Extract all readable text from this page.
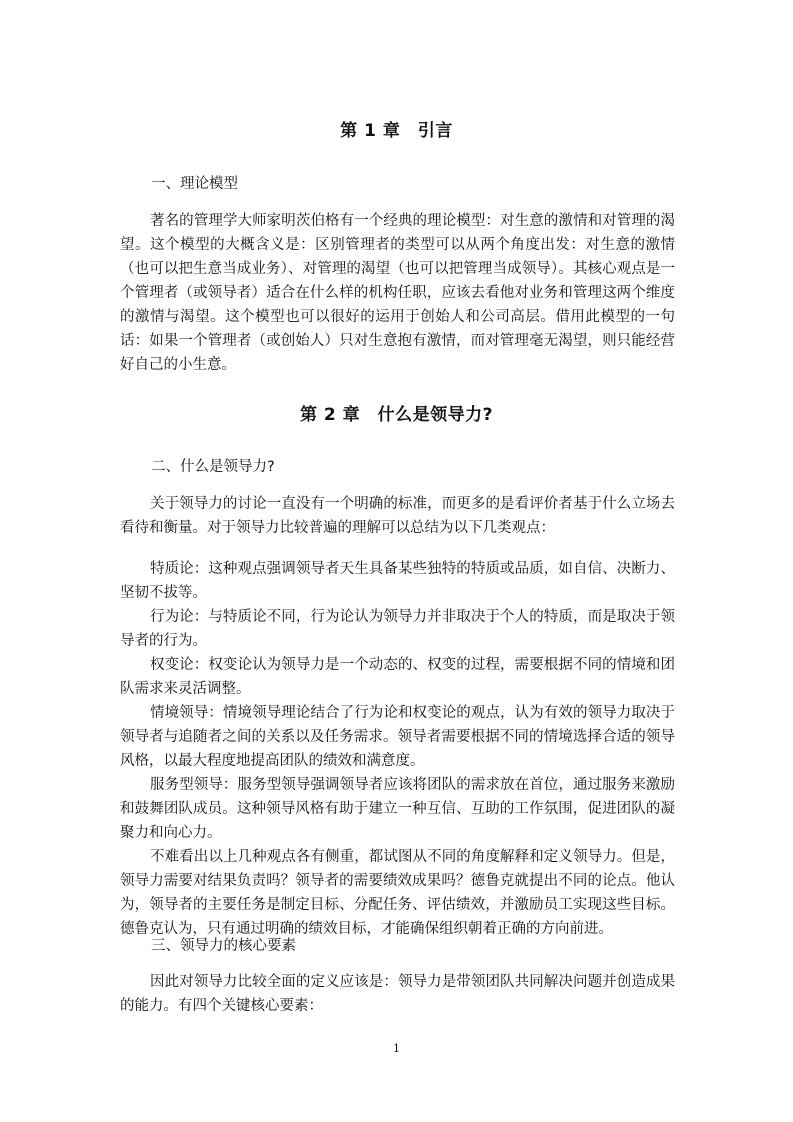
第 1 章　引言
一、理论模型

著名的管理学大师家明茨伯格有一个经典的理论模型：对生意的激情和对管理的渴望。这个模型的大概含义是：区别管理者的类型可以从两个角度出发：对生意的激情（也可以把生意当成业务）、对管理的渴望（也可以把管理当成领导）。其核心观点是一个管理者（或领导者）适合在什么样的机构任职，应该去看他对业务和管理这两个维度的激情与渴望。这个模型也可以很好的运用于创始人和公司高层。借用此模型的一句话：如果一个管理者（或创始人）只对生意抱有激情，而对管理毫无渴望，则只能经营好自己的小生意。

第 2 章　什么是领导力?
二、什么是领导力?

关于领导力的讨论一直没有一个明确的标准，而更多的是看评价者基于什么立场去看待和衡量。对于领导力比较普遍的理解可以总结为以下几类观点：

特质论：这种观点强调领导者天生具备某些独特的特质或品质，如自信、决断力、坚韧不拔等。

行为论：与特质论不同，行为论认为领导力并非取决于个人的特质，而是取决于领导者的行为。

权变论：权变论认为领导力是一个动态的、权变的过程，需要根据不同的情境和团队需求来灵活调整。

情境领导：情境领导理论结合了行为论和权变论的观点，认为有效的领导力取决于领导者与追随者之间的关系以及任务需求。领导者需要根据不同的情境选择合适的领导风格，以最大程度地提高团队的绩效和满意度。

服务型领导：服务型领导强调领导者应该将团队的需求放在首位，通过服务来激励和鼓舞团队成员。这种领导风格有助于建立一种互信、互助的工作氛围，促进团队的凝聚力和向心力。

不难看出以上几种观点各有侧重，都试图从不同的角度解释和定义领导力。但是，领导力需要对结果负责吗？领导者的需要绩效成果吗？德鲁克就提出不同的论点。他认为，领导者的主要任务是制定目标、分配任务、评估绩效，并激励员工实现这些目标。德鲁克认为，只有通过明确的绩效目标，才能确保组织朝着正确的方向前进。

三、领导力的核心要素

因此对领导力比较全面的定义应该是：领导力是带领团队共同解决问题并创造成果的能力。有四个关键核心要素：

1
